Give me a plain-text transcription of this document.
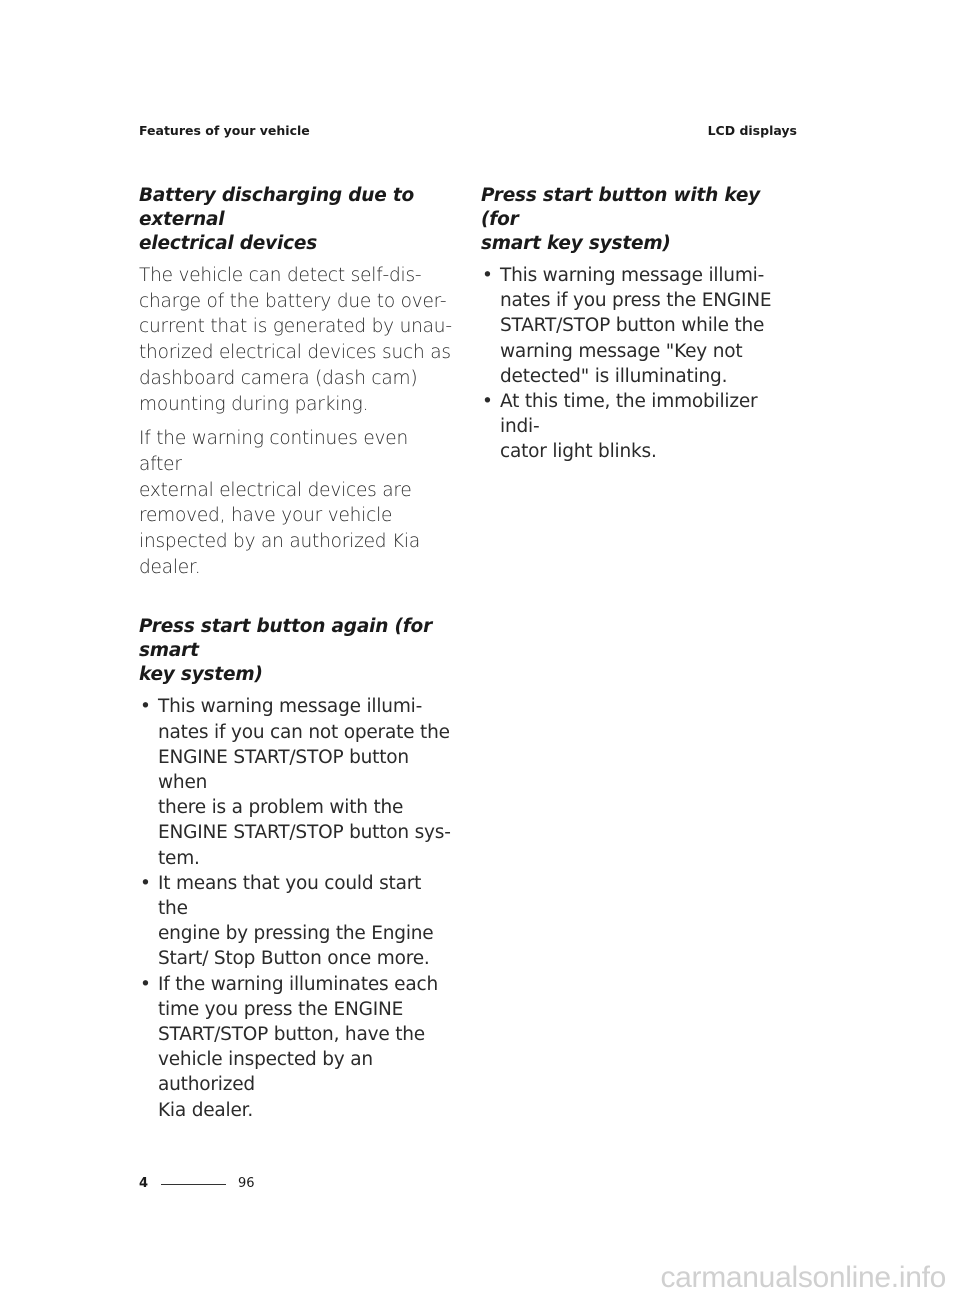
Features of your vehicle	LCD displays
Battery discharging due to external
electrical devices

The vehicle can detect self-dis-
charge of the battery due to over-
current that is generated by unau-
thorized electrical devices such as
dashboard camera (dash cam)
mounting during parking.

If the warning continues even after
external electrical devices are
removed, have your vehicle
inspected by an authorized Kia
dealer.

Press start button again (for smart
key system)
• This warning message illumi-
nates if you can not operate the
ENGINE START/STOP button when
there is a problem with the
ENGINE START/STOP button sys-
tem.
• It means that you could start the
engine by pressing the Engine
Start/ Stop Button once more.
• If the warning illuminates each
time you press the ENGINE
START/STOP button, have the
vehicle inspected by an authorized
Kia dealer.
Press start button with key (for
smart key system)
• This warning message illumi-
nates if you press the ENGINE
START/STOP button while the
warning message "Key not
detected" is illuminating.
• At this time, the immobilizer indi-
cator light blinks.
4	96
carmanualsonline.info
